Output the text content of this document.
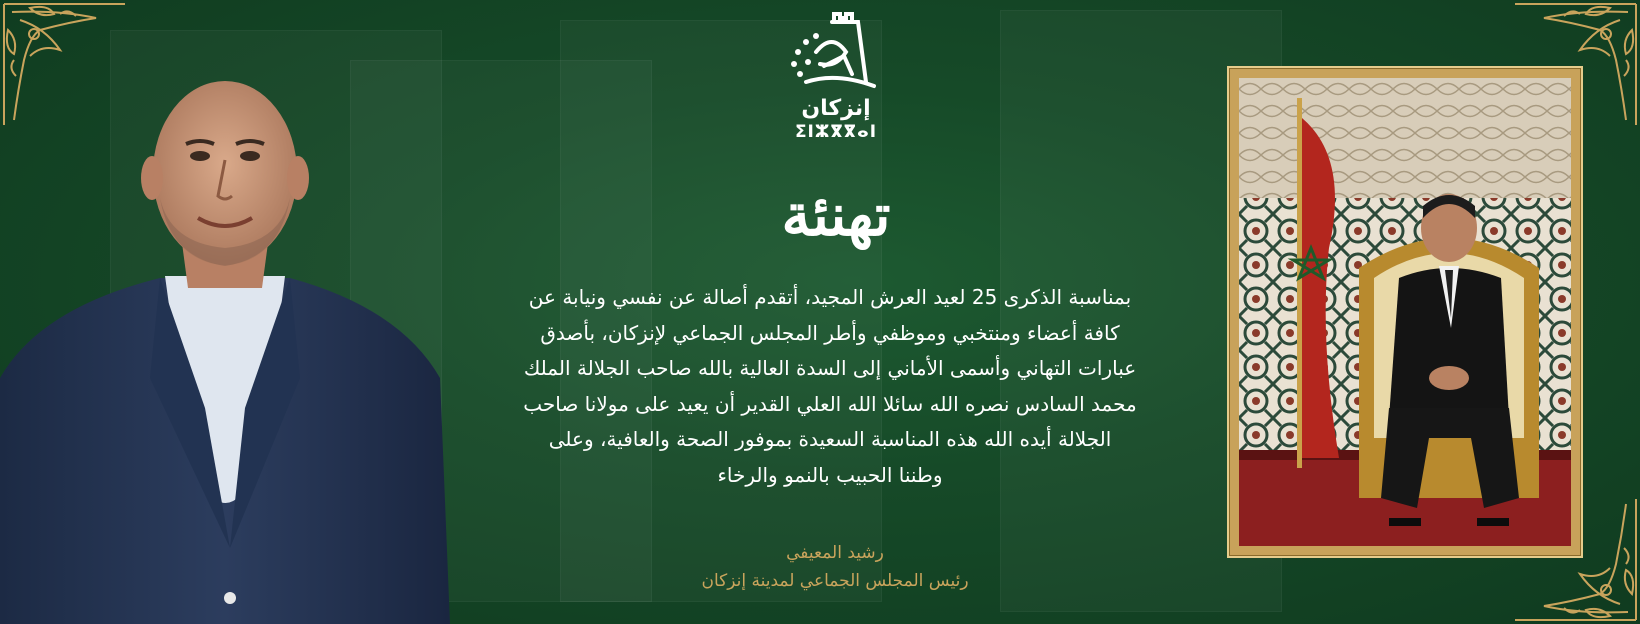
إنزكان
ⵉⵏⵣⴳⴳⴰⵏ
تهنئة
بمناسبة الذكرى 25 لعيد العرش المجيد، أتقدم أصالة عن نفسي ونيابة عن
كافة أعضاء ومنتخبي وموظفي وأطر المجلس الجماعي لإنزكان، بأصدق
عبارات التهاني وأسمى الأماني إلى السدة العالية بالله صاحب الجلالة الملك
محمد السادس نصره الله سائلا الله العلي القدير أن يعيد على مولانا صاحب
الجلالة أيده الله هذه المناسبة السعيدة بموفور الصحة والعافية، وعلى
وطننا الحبيب بالنمو والرخاء
رشيد المعيفي
رئيس المجلس الجماعي لمدينة إنزكان
